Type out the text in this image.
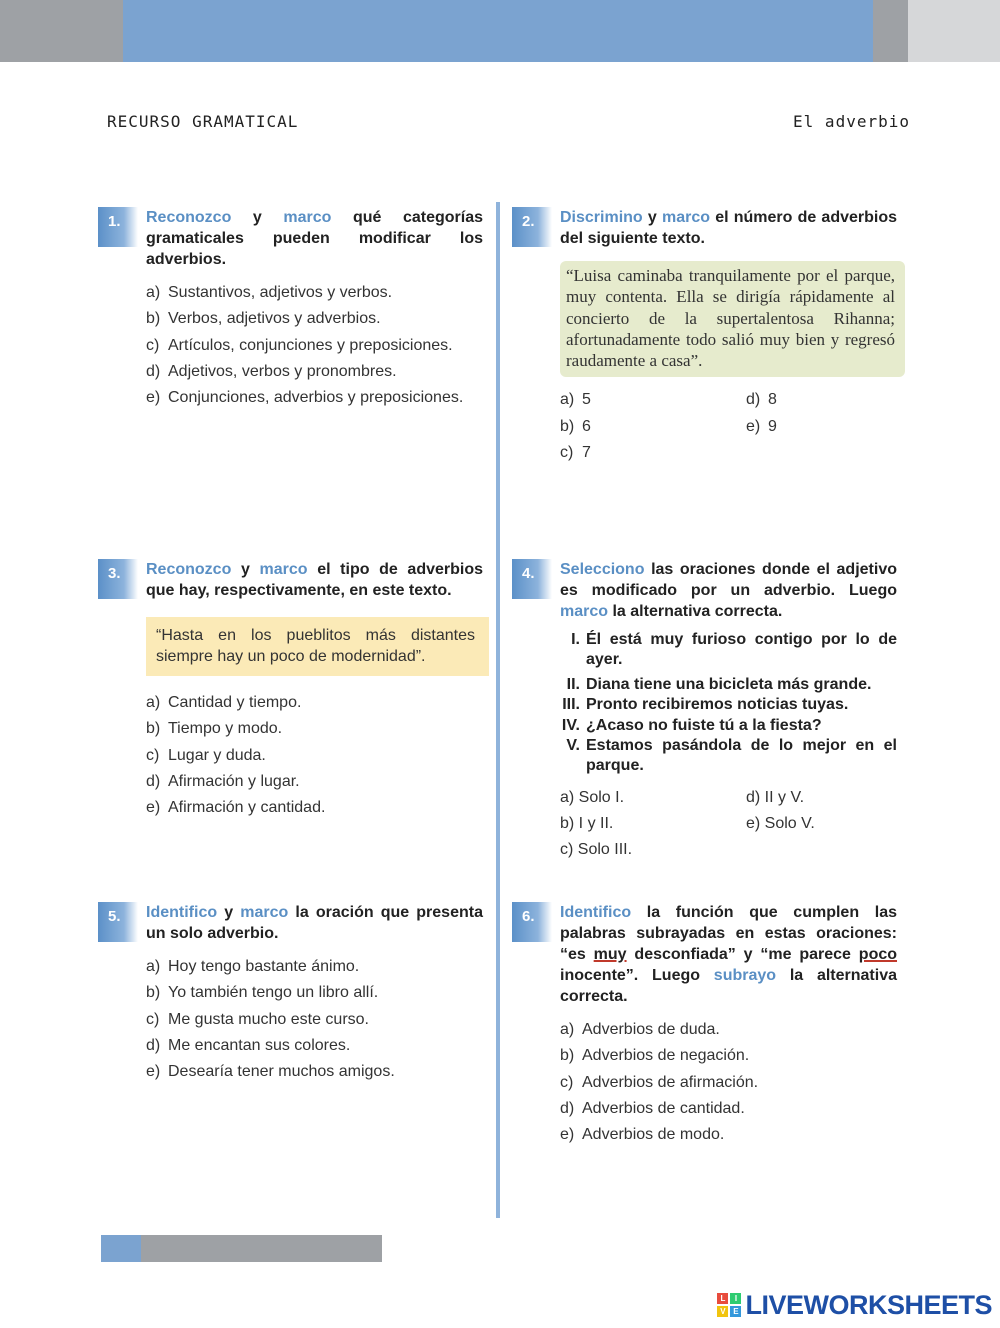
RECURSO GRAMATICAL	El adverbio
1.	Reconozco y marco qué categorías gramaticales pueden modificar los adverbios.

a) Sustantivos, adjetivos y verbos.
b) Verbos, adjetivos y adverbios.
c) Artículos, conjunciones y preposiciones.
d) Adjetivos, verbos y pronombres.
e) Conjunciones, adverbios y preposiciones.
2.	Discrimino y marco el número de adverbios del siguiente texto.

“Luisa caminaba tranquilamente por el parque, muy contenta. Ella se dirigía rápidamente al concierto de la supertalentosa Rihanna; afortunadamente todo salió muy bien y regresó raudamente a casa”.
a) 5	d) 8
b) 6	e) 9
c) 7
3.	Reconozco y marco el tipo de adverbios que hay, respectivamente, en este texto.

“Hasta en los pueblitos más distantes siempre hay un poco de modernidad”.
a) Cantidad y tiempo.
b) Tiempo y modo.
c) Lugar y duda.
d) Afirmación y lugar.
e) Afirmación y cantidad.
4.	Selecciono las oraciones donde el adjetivo es modificado por un adverbio. Luego marco la alternativa correcta.

I. Él está muy furioso contigo por lo de ayer.
II. Diana tiene una bicicleta más grande.
III. Pronto recibiremos noticias tuyas.
IV. ¿Acaso no fuiste tú a la fiesta?
V. Estamos pasándola de lo mejor en el parque.
a) Solo I.	d) II y V.
b) I y II.	e) Solo V.
c) Solo III.
5.	Identifico y marco la oración que presenta un solo adverbio.

a) Hoy tengo bastante ánimo.
b) Yo también tengo un libro allí.
c) Me gusta mucho este curso.
d) Me encantan sus colores.
e) Desearía tener muchos amigos.
6.	Identifico la función que cumplen las palabras subrayadas en estas oraciones: “es muy desconfiada” y “me parece poco inocente”. Luego subrayo la alternativa correcta.

a) Adverbios de duda.
b) Adverbios de negación.
c) Adverbios de afirmación.
d) Adverbios de cantidad.
e) Adverbios de modo.
L	I
V E LIVEWORKSHEETS
